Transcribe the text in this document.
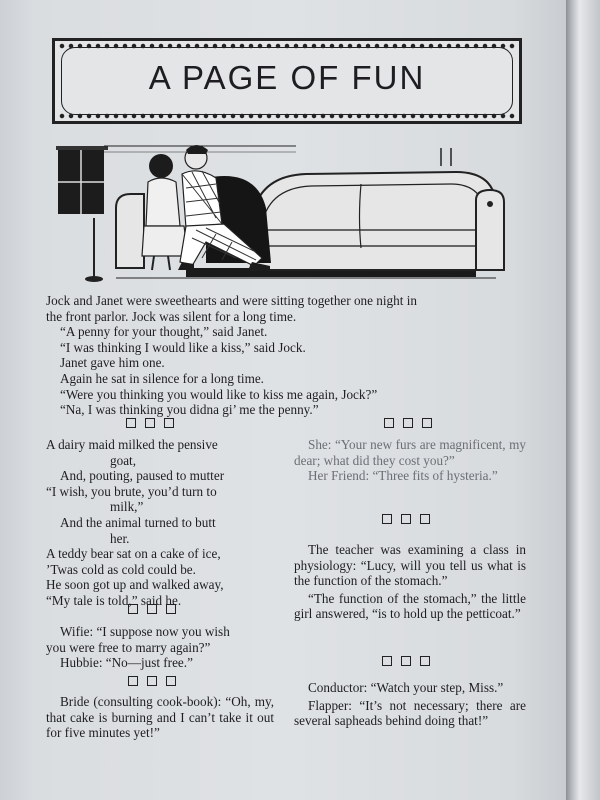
A PAGE OF FUN

Jock and Janet were sweethearts and were sitting together one night in

the front parlor. Jock was silent for a long time.

“A penny for your thought,” said Janet.

“I was thinking I would like a kiss,” said Jock.

Janet gave him one.

Again he sat in silence for a long time.

“Were you thinking you would like to kiss me again, Jock?”

“Na, I was thinking you didna gi’ me the penny.”

A dairy maid milked the pensive

goat,

And, pouting, paused to mutter

“I wish, you brute, you’d turn to

milk,”

And the animal turned to butt

her.

A teddy bear sat on a cake of ice,

’Twas cold as cold could be.

He soon got up and walked away,

“My tale is told,” said he.

Wifie: “I suppose now you wish

you were free to marry again?”

Hubbie: “No—just free.”

Bride (consulting cook-book): “Oh, my, that cake is burning and I can’t take it out for five minutes yet!”

She: “Your new furs are magnificent, my dear; what did they cost you?”

Her Friend: “Three fits of hysteria.”

The teacher was examining a class in physiology: “Lucy, will you tell us what is the function of the stomach.”

“The function of the stomach,” the little girl answered, “is to hold up the petticoat.”

Conductor: “Watch your step, Miss.”

Flapper: “It’s not necessary; there are several sapheads behind doing that!”
